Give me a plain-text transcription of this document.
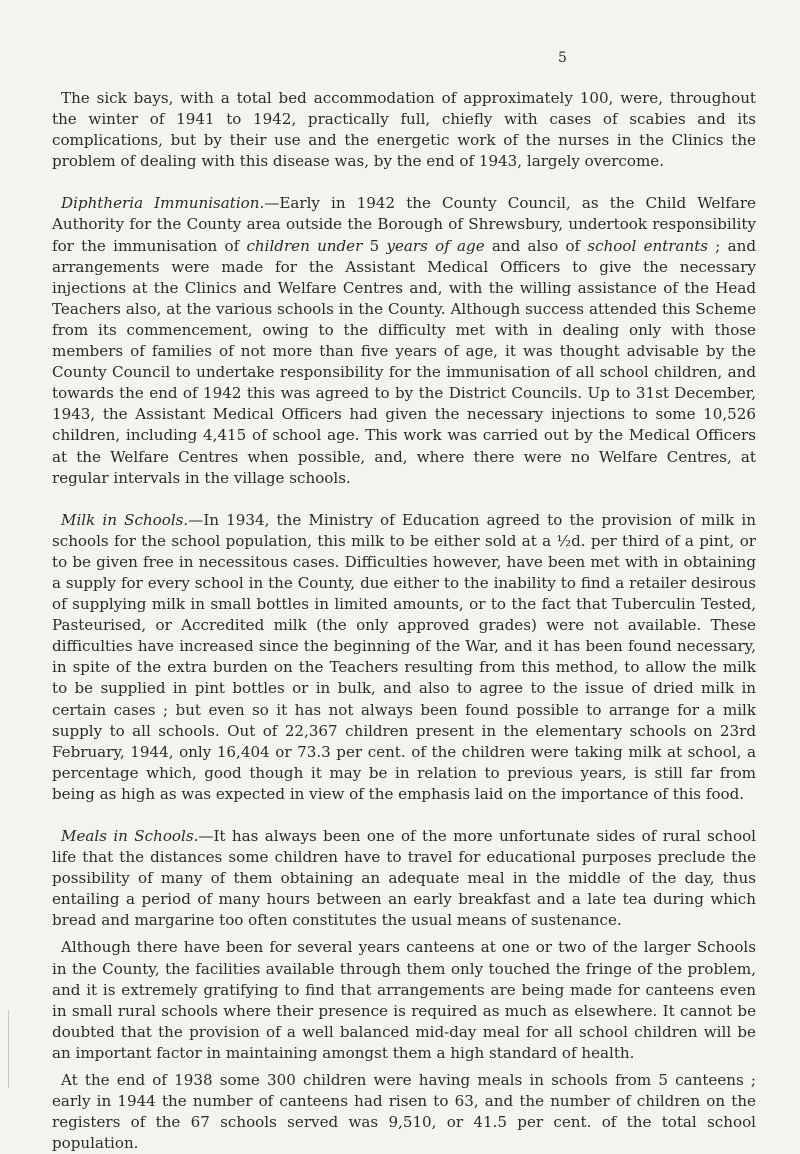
5

The sick bays, with a total bed accommodation of approximately 100, were, throughout the winter of 1941 to 1942, practically full, chiefly with cases of scabies and its complications, but by their use and the energetic work of the nurses in the Clinics the problem of dealing with this disease was, by the end of 1943, largely overcome.

Diphtheria Immunisation.—Early in 1942 the County Council, as the Child Welfare Authority for the County area outside the Borough of Shrewsbury, undertook responsibility for the immunisation of children under 5 years of age and also of school entrants ; and arrangements were made for the Assistant Medical Officers to give the necessary injections at the Clinics and Welfare Centres and, with the willing assistance of the Head Teachers also, at the various schools in the County. Although success attended this Scheme from its commencement, owing to the difficulty met with in dealing only with those members of families of not more than five years of age, it was thought advisable by the County Council to undertake responsibility for the immunisation of all school children, and towards the end of 1942 this was agreed to by the District Councils. Up to 31st December, 1943, the Assistant Medical Officers had given the necessary injections to some 10,526 children, including 4,415 of school age. This work was carried out by the Medical Officers at the Welfare Centres when possible, and, where there were no Welfare Centres, at regular intervals in the village schools.

Milk in Schools.—In 1934, the Ministry of Education agreed to the provision of milk in schools for the school population, this milk to be either sold at a ½d. per third of a pint, or to be given free in necessitous cases. Difficulties however, have been met with in obtaining a supply for every school in the County, due either to the inability to find a retailer desirous of supplying milk in small bottles in limited amounts, or to the fact that Tuberculin Tested, Pasteurised, or Accredited milk (the only approved grades) were not available. These difficulties have increased since the beginning of the War, and it has been found necessary, in spite of the extra burden on the Teachers resulting from this method, to allow the milk to be supplied in pint bottles or in bulk, and also to agree to the issue of dried milk in certain cases ; but even so it has not always been found possible to arrange for a milk supply to all schools. Out of 22,367 children present in the elementary schools on 23rd February, 1944, only 16,404 or 73.3 per cent. of the children were taking milk at school, a percentage which, good though it may be in relation to previous years, is still far from being as high as was expected in view of the emphasis laid on the importance of this food.

Meals in Schools.—It has always been one of the more unfortunate sides of rural school life that the distances some children have to travel for educational purposes preclude the possibility of many of them obtaining an adequate meal in the middle of the day, thus entailing a period of many hours between an early breakfast and a late tea during which bread and margarine too often constitutes the usual means of sustenance.

Although there have been for several years canteens at one or two of the larger Schools in the County, the facilities available through them only touched the fringe of the problem, and it is extremely gratifying to find that arrangements are being made for canteens even in small rural schools where their presence is required as much as elsewhere. It cannot be doubted that the provision of a well balanced mid-day meal for all school children will be an important factor in maintaining amongst them a high standard of health.

At the end of 1938 some 300 children were having meals in schools from 5 canteens ; early in 1944 the number of canteens had risen to 63, and the number of children on the registers of the 67 schools served was 9,510, or 41.5 per cent. of the total school population.
